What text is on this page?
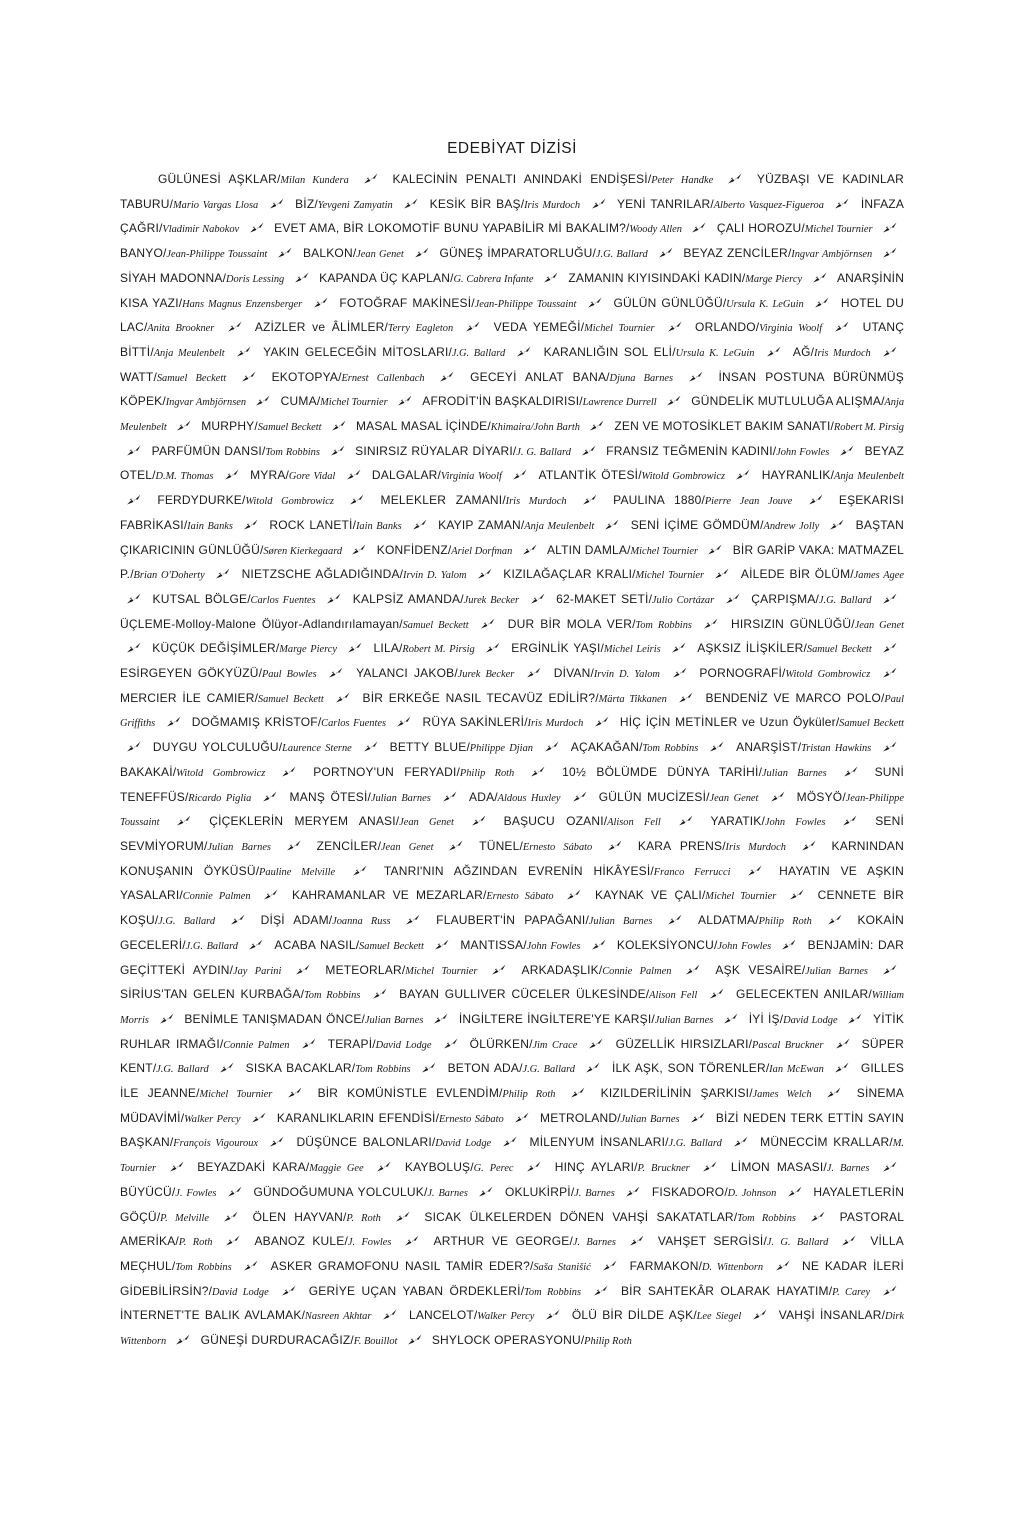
EDEBİYAT DİZİSİ

GÜLÜNESİ AŞKLAR/Milan Kundera	KALECİNİN PENALTI ANINDAKİ ENDİŞESİ/Peter Handke	YÜZBAŞI VE KADINLAR TABURU/Mario Vargas Llosa	BİZ/Yevgeni Zamyatin	KESİK BİR BAŞ/Iris Murdoch	YENİ TANRILAR/Alberto Vasquez-Figueroa	İNFAZA ÇAĞRI/Vladimir Nabokov	EVET AMA, BİR LOKOMOTİF BUNU YAPABİLİR Mİ BAKALIM?/Woody Allen	ÇALI HOROZU/Michel Tournier
BANYO/Jean-Philippe Toussaint	BALKON/Jean Genet	GÜNEŞ İMPARATORLUĞU/J.G. Ballard	BEYAZ ZENCİLER/Ingvar Ambjörnsen
SİYAH MADONNA/Doris Lessing	KAPANDA ÜÇ KAPLAN/G. Cabrera Infante	ZAMANIN KIYISINDAKİ KADIN/Marge Piercy	ANARŞİNİN KISA YAZI/Hans Magnus Enzensberger	FOTOĞRAF MAKİNESİ/Jean-Philippe Toussaint	GÜLÜN GÜNLÜĞÜ/Ursula K. LeGuin	HOTEL DU LAC/Anita Brookner	AZİZLER ve ÂLİMLER/Terry Eagleton	VEDA YEMEĞİ/Michel Tournier	ORLANDO/Virginia Woolf	UTANÇ BİTTİ/Anja Meulenbelt	YAKIN GELECEĞİN MİTOSLARI/J.G. Ballard	KARANLIĞIN SOL ELİ/Ursula K. LeGuin	AĞ/Iris Murdoch
WATT/Samuel Beckett	EKOTOPYA/Ernest Callenbach	GECEYİ ANLAT BANA/Djuna Barnes	İNSAN POSTUNA BÜRÜNMÜŞ KÖPEK/Ingvar Ambjörnsen	CUMA/Michel Tournier	AFRODİT'İN BAŞKALDIRISI/Lawrence Durrell	GÜNDELİK MUTLULUĞA ALIŞMA/Anja Meulenbelt	MURPHY/Samuel Beckett	MASAL MASAL İÇİNDE/Khimaira/John Barth	ZEN VE MOTOSİKLET BAKIM SANATI/Robert M. Pirsig
PARFÜMÜN DANSI/Tom Robbins	SINIRSIZ RÜYALAR DİYARI/J. G. Ballard	FRANSIZ TEĞMENİN KADINI/John Fowles	BEYAZ OTEL/D.M. Thomas	MYRA/Gore Vidal	DALGALAR/Virginia Woolf	ATLANTİK ÖTESİ/Witold Gombrowicz	HAYRANLIK/Anja Meulenbelt
FERDYDURKE/Witold Gombrowicz	MELEKLER ZAMANI/Iris Murdoch	PAULINA 1880/Pierre Jean Jouve	EŞEKARISI FABRİKASI/Iain Banks	ROCK LANETİ/Iain Banks	KAYIP ZAMAN/Anja Meulenbelt	SENİ İÇİME GÖMDÜM/Andrew Jolly	BAŞTAN ÇIKARICININ GÜNLÜĞÜ/Søren Kierkegaard	KONFİDENZ/Ariel Dorfman	ALTIN DAMLA/Michel Tournier	BİR GARİP VAKA: MATMAZEL P./Brian O'Doherty	NIETZSCHE AĞLADIĞINDA/Irvin D. Yalom	KIZILAĞAÇLAR KRALI/Michel Tournier	AİLEDE BİR ÖLÜM/James Agee
KUTSAL BÖLGE/Carlos Fuentes	KALPSİZ AMANDA/Jurek Becker	62-MAKET SETİ/Julio Cortázar	ÇARPIŞMA/J.G. Ballard
ÜÇLEME-Molloy-Malone Ölüyor-Adlandırılamayan/Samuel Beckett	DUR BİR MOLA VER/Tom Robbins	HIRSIZIN GÜNLÜĞÜ/Jean Genet
KÜÇÜK DEĞİŞİMLER/Marge Piercy	LILA/Robert M. Pirsig	ERGİNLİK YAŞI/Michel Leiris	AŞKSIZ İLİŞKİLER/Samuel Beckett
ESİRGEYEN GÖKYÜZÜ/Paul Bowles	YALANCI JAKOB/Jurek Becker	DİVAN/Irvin D. Yalom	PORNOGRAFİ/Witold Gombrowicz
MERCIER İLE CAMIER/Samuel Beckett	BİR ERKEĞE NASIL TECAVÜZ EDİLİR?/Märta Tikkanen	BENDENİZ VE MARCO POLO/Paul Griffiths	DOĞMAMIŞ KRİSTOF/Carlos Fuentes	RÜYA SAKİNLERİ/Iris Murdoch	HİÇ İÇİN METİNLER ve Uzun Öyküler/Samuel Beckett
DUYGU YOLCULUĞU/Laurence Sterne	BETTY BLUE/Philippe Djian	AÇAKAĞAN/Tom Robbins	ANARŞİST/Tristan Hawkins
BAKAKAİ/Witold Gombrowicz	PORTNOY'UN FERYADI/Philip Roth	10½ BÖLÜMDE DÜNYA TARİHİ/Julian Barnes	SUNİ TENEFFÜS/Ricardo Piglia	MANŞ ÖTESİ/Julian Barnes	ADA/Aldous Huxley	GÜLÜN MUCİZESİ/Jean Genet	MÖSYÖ/Jean-Philippe Toussaint	ÇİÇEKLERİN MERYEM ANASI/Jean Genet	BAŞUCU OZANI/Alison Fell	YARATIK/John Fowles	SENİ SEVMİYORUM/Julian Barnes	ZENCİLER/Jean Genet	TÜNEL/Ernesto Sábato	KARA PRENS/Iris Murdoch	KARNINDAN KONUŞANIN ÖYKÜSÜ/Pauline Melville	TANRI'NIN AĞZINDAN EVRENİN HİKÂYESİ/Franco Ferrucci	HAYATIN VE AŞKIN YASALARI/Connie Palmen	KAHRAMANLAR VE MEZARLAR/Ernesto Sábato	KAYNAK VE ÇALI/Michel Tournier	CENNETE BİR KOŞU/J.G. Ballard	DİŞİ ADAM/Joanna Russ	FLAUBERT'İN PAPAĞANI/Julian Barnes	ALDATMA/Philip Roth	KOKAİN GECELERİ/J.G. Ballard	ACABA NASIL/Samuel Beckett	MANTISSA/John Fowles	KOLEKSİYONCU/John Fowles	BENJAMİN: DAR GEÇİTTEKİ AYDIN/Jay Parini	METEORLAR/Michel Tournier	ARKADAŞLIK/Connie Palmen	AŞK VESAİRE/Julian Barnes
SİRİUS'TAN GELEN KURBAĞA/Tom Robbins	BAYAN GULLIVER CÜCELER ÜLKESİNDE/Alison Fell	GELECEKTEN ANILAR/William Morris	BENİMLE TANIŞMADAN ÖNCE/Julian Barnes	İNGİLTERE İNGİLTERE'YE KARŞI/Julian Barnes	İYİ İŞ/David Lodge	YİTİK RUHLAR IRMAĞI/Connie Palmen	TERAPİ/David Lodge	ÖLÜRKEN/Jim Crace	GÜZELLİK HIRSIZLARI/Pascal Bruckner	SÜPER KENT/J.G. Ballard	SISKA BACAKLAR/Tom Robbins	BETON ADA/J.G. Ballard	İLK AŞK, SON TÖRENLER/Ian McEwan	GILLES İLE JEANNE/Michel Tournier	BİR KOMÜNİSTLE EVLENDİM/Philip Roth	KIZILDERİLİNİN ŞARKISI/James Welch	SİNEMA MÜDAVİMİ/Walker Percy	KARANLIKLARIN EFENDİSİ/Ernesto Sábato	METROLAND/Julian Barnes	BİZİ NEDEN TERK ETTİN SAYIN BAŞKAN/François Vigouroux	DÜŞÜNCE BALONLARI/David Lodge	MİLENYUM İNSANLARI/J.G. Ballard	MÜNECCİM KRALLAR/M. Tournier	BEYAZDAKİ KARA/Maggie Gee	KAYBOLUŞ/G. Perec	HINÇ AYLARI/P. Bruckner	LİMON MASASI/J. Barnes
BÜYÜCÜ/J. Fowles	GÜNDOĞUMUNA YOLCULUK/J. Barnes	OKLUKİRPİ/J. Barnes	FISKADORO/D. Johnson	HAYALETLERİN GÖÇÜ/P. Melville	ÖLEN HAYVAN/P. Roth	SICAK ÜLKELERDEN DÖNEN VAHŞİ SAKATATLAR/Tom Robbins	PASTORAL AMERİKA/P. Roth	ABANOZ KULE/J. Fowles	ARTHUR VE GEORGE/J. Barnes	VAHŞET SERGİSİ/J. G. Ballard	VİLLA MEÇHUL/Tom Robbins	ASKER GRAMOFONU NASIL TAMİR EDER?/Saša Stanišić	FARMAKON/D. Wittenborn	NE KADAR İLERİ GİDEBİLİRSİN?/David Lodge	GERİYE UÇAN YABAN ÖRDEKLERİ/Tom Robbins	BİR SAHTEKÂR OLARAK HAYATIM/P. Carey
İNTERNET'TE BALIK AVLAMAK/Nasreen Akhtar	LANCELOT/Walker Percy	ÖLÜ BİR DİLDE AŞK/Lee Siegel	VAHŞİ İNSANLAR/Dirk Wittenborn	GÜNEŞİ DURDURACAĞIZ/F. Bouillot	SHYLOCK OPERASYONU/Philip Roth
